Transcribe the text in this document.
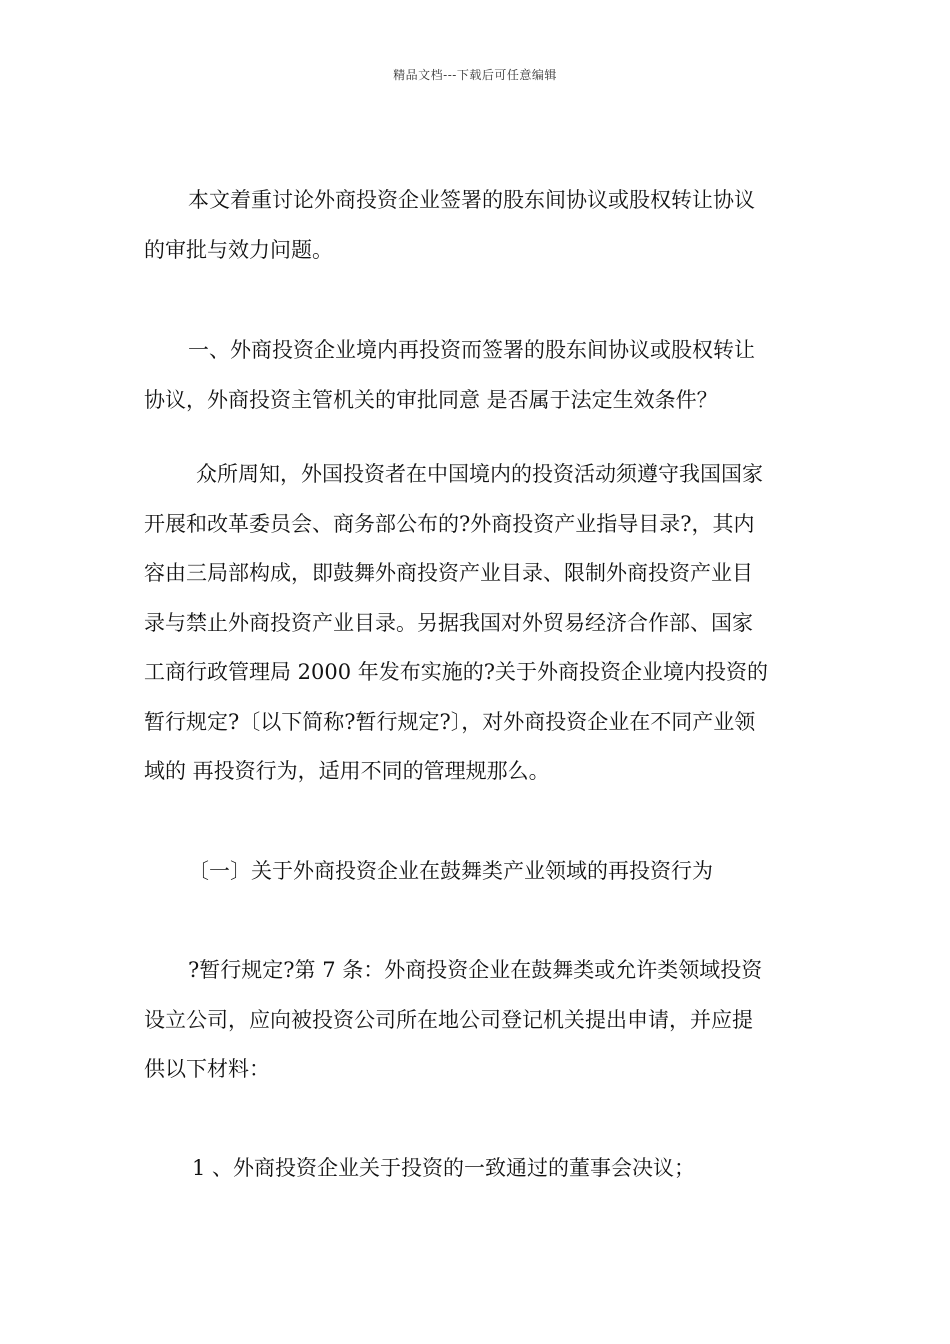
精品文档---下载后可任意编辑
本文着重讨论外商投资企业签署的股东间协议或股权转让协议
的审批与效力问题。
一、外商投资企业境内再投资而签署的股东间协议或股权转让
协议，外商投资主管机关的审批同意 是否属于法定生效条件？
众所周知，外国投资者在中国境内的投资活动须遵守我国国家
开展和改革委员会、商务部公布的?外商投资产业指导目录?，其内
容由三局部构成，即鼓舞外商投资产业目录、限制外商投资产业目
录与禁止外商投资产业目录。另据我国对外贸易经济合作部、国家
工商行政管理局 2000 年发布实施的?关于外商投资企业境内投资的
暂行规定?〔以下简称?暂行规定?〕，对外商投资企业在不同产业领
域的 再投资行为，适用不同的管理规那么。
〔一〕关于外商投资企业在鼓舞类产业领域的再投资行为
?暂行规定?第 7 条：外商投资企业在鼓舞类或允许类领域投资
设立公司，应向被投资公司所在地公司登记机关提出申请，并应提
供以下材料：
1 、外商投资企业关于投资的一致通过的董事会决议；
